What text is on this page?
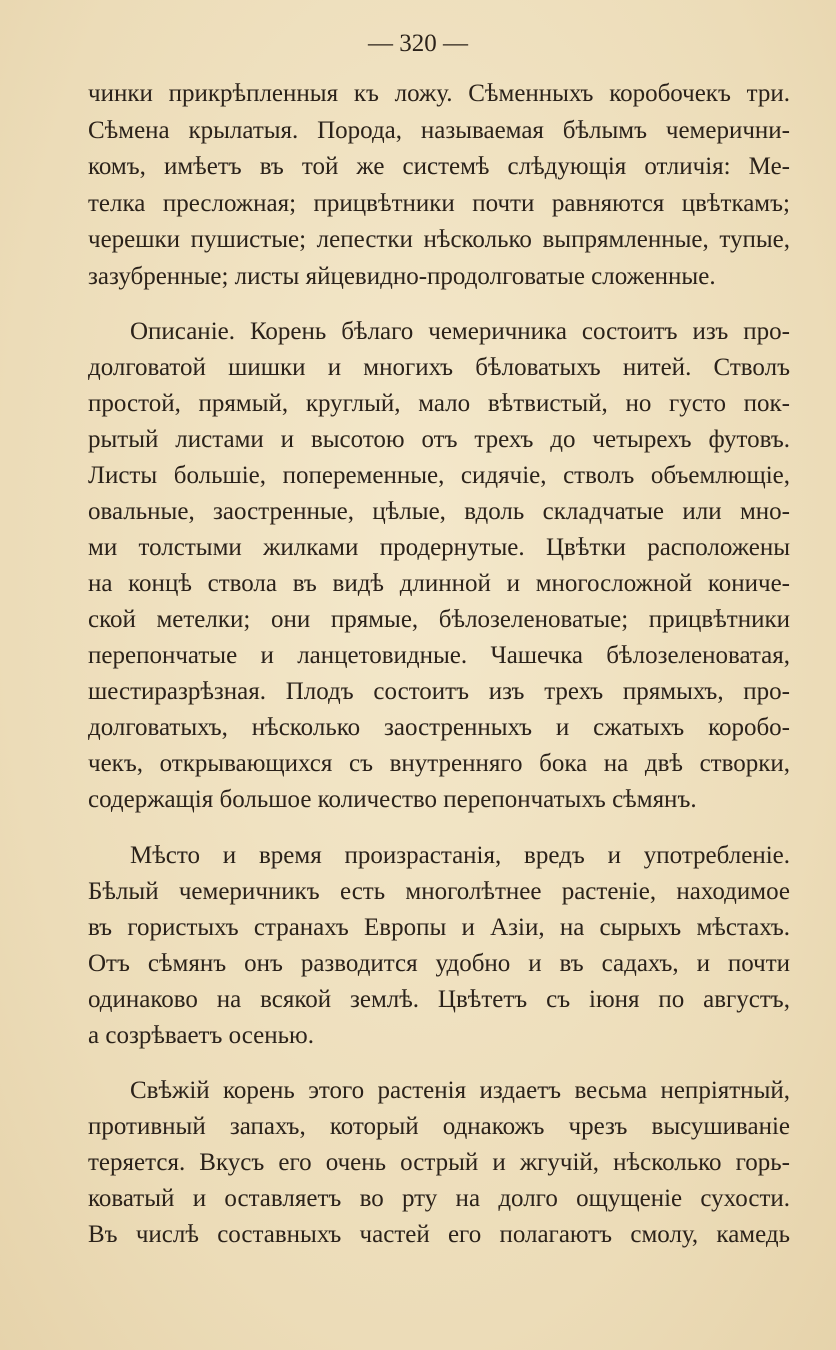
— 320 —
чинки прикрѣпленныя къ ложу. Сѣменныхъ коробочекъ три.
Сѣмена крылатыя. Порода, называемая бѣлымъ чемерични-
комъ, имѣетъ въ той же системѣ слѣдующія отличія: Ме-
телка пресложная; прицвѣтники почти равняются цвѣткамъ;
черешки пушистые; лепестки нѣсколько выпрямленные, тупые,
зазубренные; листы яйцевидно-продолговатые сложенные.
Описаніе. Корень бѣлаго чемеричника состоитъ изъ про-
долговатой шишки и многихъ бѣловатыхъ нитей. Стволъ
простой, прямый, круглый, мало вѣтвистый, но густо пок-
рытый листами и высотою отъ трехъ до четырехъ футовъ.
Листы большіе, попеременные, сидячіе, стволъ объемлющіе,
овальные, заостренные, цѣлые, вдоль складчатые или мно-
ми толстыми жилками продернутые. Цвѣтки расположены
на концѣ ствола въ видѣ длинной и многосложной кониче-
ской метелки; они прямые, бѣлозеленоватые; прицвѣтники
перепончатые и ланцетовидные. Чашечка бѣлозеленоватая,
шестиразрѣзная. Плодъ состоитъ изъ трехъ прямыхъ, про-
долговатыхъ, нѣсколько заостренныхъ и сжатыхъ коробо-
чекъ, открывающихся съ внутренняго бока на двѣ створки,
содержащія большое количество перепончатыхъ сѣмянъ.
Мѣсто и время произрастанія, вредъ и употребленіе.
Бѣлый чемеричникъ есть многолѣтнее растеніе, находимое
въ гористыхъ странахъ Европы и Азіи, на сырыхъ мѣстахъ.
Отъ сѣмянъ онъ разводится удобно и въ садахъ, и почти
одинаково на всякой землѣ. Цвѣтетъ съ іюня по августъ,
а созрѣваетъ осенью.
Свѣжій корень этого растенія издаетъ весьма непріятный,
противный запахъ, который однакожъ чрезъ высушиваніе
теряется. Вкусъ его очень острый и жгучій, нѣсколько горь-
коватый и оставляетъ во рту на долго ощущеніе сухости.
Въ числѣ составныхъ частей его полагаютъ смолу, камедь
